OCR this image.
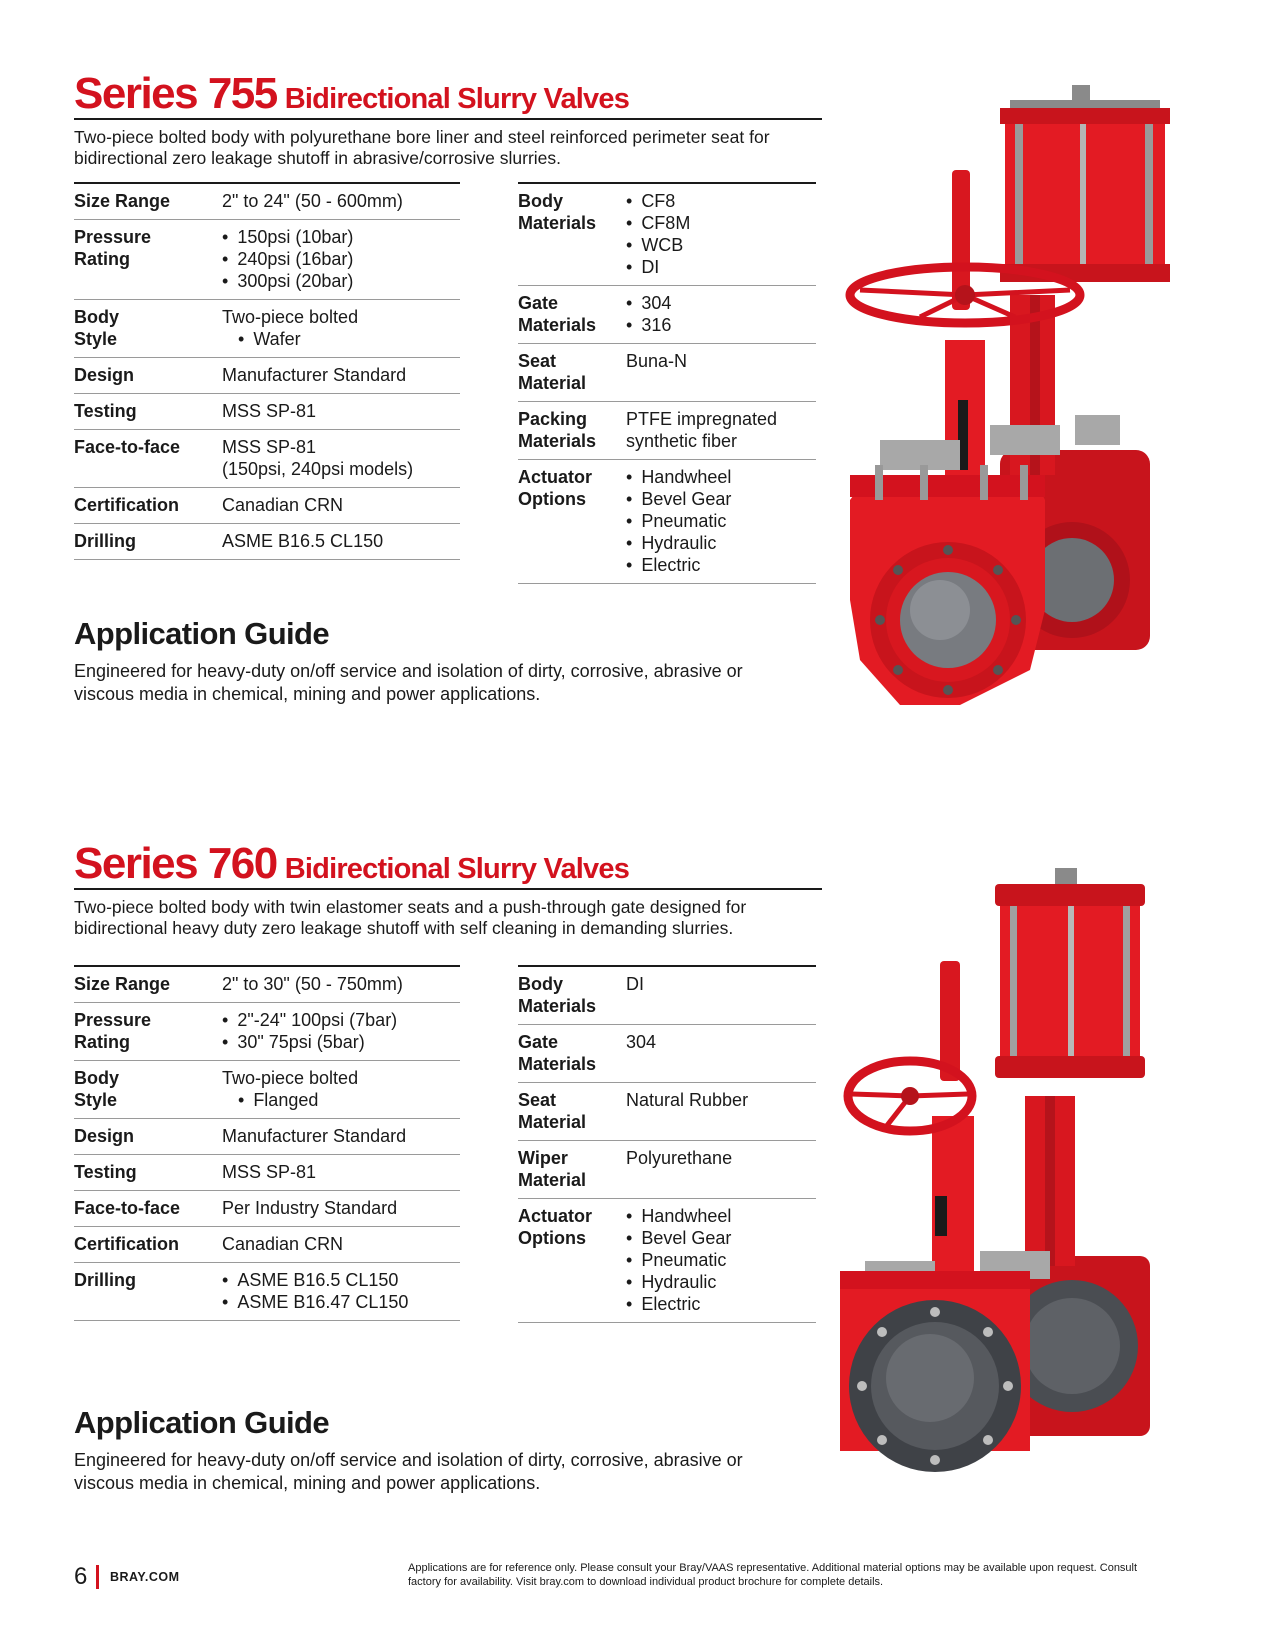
Series 755 Bidirectional Slurry Valves

Two-piece bolted body with polyurethane bore liner and steel reinforced perimeter seat for bidirectional zero leakage shutoff in abrasive/corrosive slurries.

Size Range	2" to 24" (50 - 600mm)
Pressure
Rating	• 150psi (10bar)
• 240psi (16bar)
• 300psi (20bar)

Body
Style	Two-piece bolted
• Wafer

Design	Manufacturer Standard
Testing	MSS SP-81
Face-to-face	MSS SP-81
(150psi, 240psi models)
Certification	Canadian CRN
Drilling	ASME B16.5 CL150
Body
Materials	• CF8
• CF8M
• WCB
• DI

Gate
Materials	• 304
• 316

Seat
Material	Buna-N
Packing
Materials	PTFE impregnated
synthetic fiber
Actuator
Options	• Handwheel
• Bevel Gear
• Pneumatic
• Hydraulic
• Electric
Application Guide

Engineered for heavy-duty on/off service and isolation of dirty, corrosive, abrasive or viscous media in chemical, mining and power applications.

Series 760 Bidirectional Slurry Valves

Two-piece bolted body with twin elastomer seats and a push-through gate designed for bidirectional heavy duty zero leakage shutoff with self cleaning in demanding slurries.

Size Range	2" to 30" (50 - 750mm)
Pressure
Rating	• 2"-24" 100psi (7bar)
• 30" 75psi (5bar)

Body
Style	Two-piece bolted
• Flanged

Design	Manufacturer Standard
Testing	MSS SP-81
Face-to-face	Per Industry Standard
Certification	Canadian CRN
Drilling	• ASME B16.5 CL150
• ASME B16.47 CL150
Body
Materials	DI
Gate
Materials	304
Seat
Material	Natural Rubber
Wiper
Material	Polyurethane
Actuator
Options	• Handwheel
• Bevel Gear
• Pneumatic
• Hydraulic
• Electric
Application Guide

Engineered for heavy-duty on/off service and isolation of dirty, corrosive, abrasive or viscous media in chemical, mining and power applications.

6 BRAY.COM
Applications are for reference only. Please consult your Bray/VAAS representative. Additional material options may be available upon request. Consult factory for availability. Visit bray.com to download individual product brochure for complete details.
